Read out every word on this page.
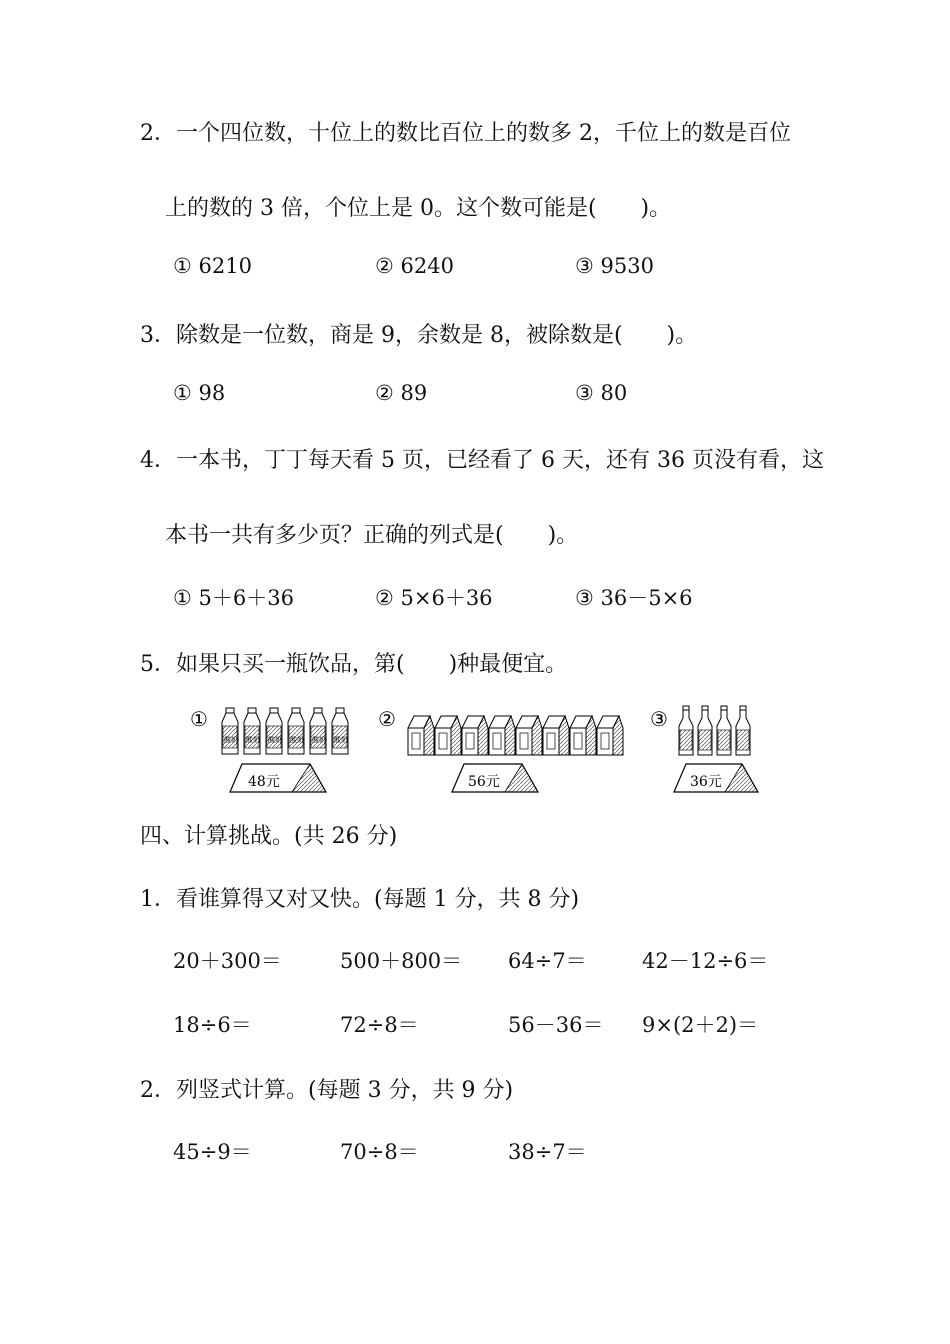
2．一个四位数，十位上的数比百位上的数多 2，千位上的数是百位
上的数的 3 倍，个位上是 0。这个数可能是(　　)。
① 6210	② 6240	③ 9530
3．除数是一位数，商是 9，余数是 8，被除数是(　　)。
① 98	② 89	③ 80
4．一本书，丁丁每天看 5 页，已经看了 6 天，还有 36 页没有看，这
本书一共有多少页？正确的列式是(　　)。
① 5＋6＋36	② 5×6＋36	③ 36－5×6
5．如果只买一瓶饮品，第(　　)种最便宜。
①
酸奶 酸奶 酸奶 酸奶 酸奶 酸奶
48元
②
56元
③
36元
四、计算挑战。(共 26 分)
1．看谁算得又对又快。(每题 1 分，共 8 分)
20＋300＝	500＋800＝ 64÷7＝	42－12÷6＝
18÷6＝	72÷8＝	56－36＝ 9×(2＋2)＝
2．列竖式计算。(每题 3 分，共 9 分)
45÷9＝	70÷8＝	38÷7＝
